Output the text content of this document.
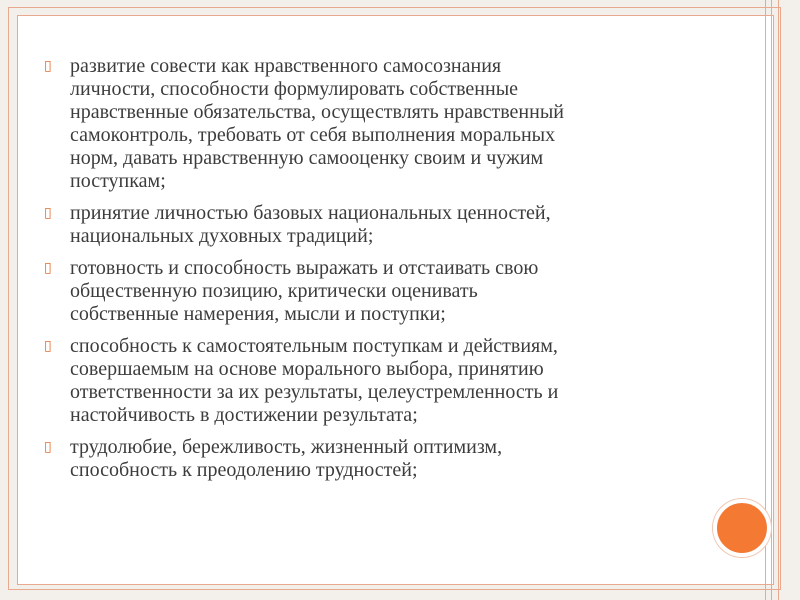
▯ развитие совести как нравственного самосознания
личности, способности формулировать собственные
нравственные обязательства, осуществлять нравственный
самоконтроль, требовать от себя выполнения моральных
норм, давать нравственную самооценку своим и чужим
поступкам;
▯ принятие личностью базовых национальных ценностей,
национальных духовных традиций;
▯ готовность и способность выражать и отстаивать свою
общественную позицию, критически оценивать
собственные намерения, мысли и поступки;
▯ способность к самостоятельным поступкам и действиям,
совершаемым на основе морального выбора, принятию
ответственности за их результаты, целеустремленность и
настойчивость в достижении результата;
▯ трудолюбие, бережливость, жизненный оптимизм,
способность к преодолению трудностей;
